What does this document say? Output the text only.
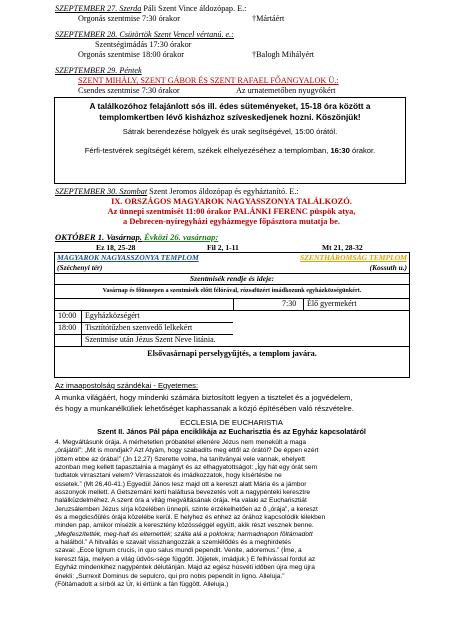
SZEPTEMBER 27. Szerda Páli Szent Vince áldozópap. E.:
Orgonás szentmise 7:30 órakor	†Mártáért
SZEPTEMBER 28. Csütörtök Szent Vencel vértanú. e.:
Szentségimádás 17:30 órakor
Orgonás szentmise 18:00 órakor	†Balogh Mihályért
SZEPTEMBER 29. Péntek
SZENT MIHÁLY, SZENT GÁBOR ÉS SZENT RAFAEL FŐANGYALOK Ü.:
Csendes szentmise 7:30 órakor	Az urnatemetőben nyugvókért
A találkozóhoz felajánlott sós ill. édes süteményeket, 15-18 óra között a templomkertben lévő kisházhoz szíveskedjenek hozni. Köszönjük!
Sátrak berendezése hölgyek és urak segítségével, 15:00 órától.
Férfi-testvérek segítségét kérem, székek elhelyezéséhez a templomban, 16:30 órakor.
SZEPTEMBER 30. Szombat Szent Jeromos áldozópap és egyháztanító. E.:
IX. ORSZÁGOS MAGYAROK NAGYASSZONYA TALÁLKOZÓ.
Az ünnepi szentmisét 11:00 órakor PALÁNKI FERENC püspök atya,
a Debrecen-nyíregyházi egyházmegye főpásztora mutatja be.
OKTÓBER 1. Vasárnap. Évközi 26. vasárnap:
Ez 18, 25-28	Fil 2, 1-11	Mt 21, 28-32
MAGYAROK NAGYASSZONYA TEMPLOM	SZENTHÁROMSÁG TEMPLOM
(Széchenyi tér)	(Kossuth u.)
Szentmisék rendje és ideje:
Vasárnap és főünnepen a szentmisék előtt félórával, rózsafüzért imádkozunk egyházközségünkért.
7:30 Élő gyermekért
10:00 Egyházközségért
18:00 Tisztítótűzben szenvedő lelkekért
Szentmise után Jézus Szent Neve litánia.
Elsővasárnapi perselygyűjtés, a templom javára.
Az imaapostolság szándékai - Egyetemes:
A munka világáért, hogy mindenki számára biztosított legyen a tisztelet és a jogvédelem,
és hogy a munkanélküliek lehetőséget kaphassanak a közjó építésében való részvételre.
ECCLESIA DE EUCHARISTIA
Szent II. János Pál pápa enciklikája az Eucharisztia és az Egyház kapcsolatáról
4. Megváltásunk órája. A mérhetetlen próbatétel ellenére Jézus nem menekült a maga
„órájától”: „Mit is mondjak? Azt Atyám, hogy szabadíts meg ettől az órától? De éppen ezért
jöttem ebbe az órába!” (Jn 12,27) Szerette volna, ha tanítványai vele vannak, ehelyett
azonban meg kellett tapasztalnia a magányt és az elhagyatottságot: „Így hát egy órát sem
tudtatok virrasztani velem? Virrasszatok és imádkozzatok, hogy kísértésbe ne
essetek.” (Mt 26,40-41.) Egyedül János lesz majd ott a kereszt alatt Mária és a jámbor
asszonyok mellett. A Getszemáni kerti haláltusa bevezetés volt a nagypénteki keresztre
halálküzdelméhez. A szent óra a világ megváltásának órája. Ha valaki az Eucharisztiát
Jeruzsálemben Jézus sírja közelében ünnepli, szinte érzékelhetően az ő „órája”, a kereszt
és a megdicsőülés órája közelébe kerül. E helyhez és ehhez az órához kapcsolódik lélekben
minden pap, amikor misézik a keresztény közösséggel együtt, akik részt vesznek benne.
„Megfeszítették, meg-halt és eltemették; szálla alá a poklokra; harmadnapon föltámadott
a halálból.” A hitvallás e szavait visszhangozzák a szemlélődés és a meghirdetés
szavai: „Ecce lignum crucis, in quo salus mundi pependit. Venite, adoremus.” (Íme, a
kereszt fája, melyen a világ üdvös-sége függött. Jöjjetek, imádjuk.) E felhívással fordul az
Egyház mindenkihez nagypéntek délutánján. Majd az egész húsvéti időben újra meg újra
énekli: „Surrexit Dominus de sepulcro, qui pro nobis pependit in ligno. Alleluja.”
(Föltámadott a sírból az Úr, ki értünk a fán függött. Alleluja.)
